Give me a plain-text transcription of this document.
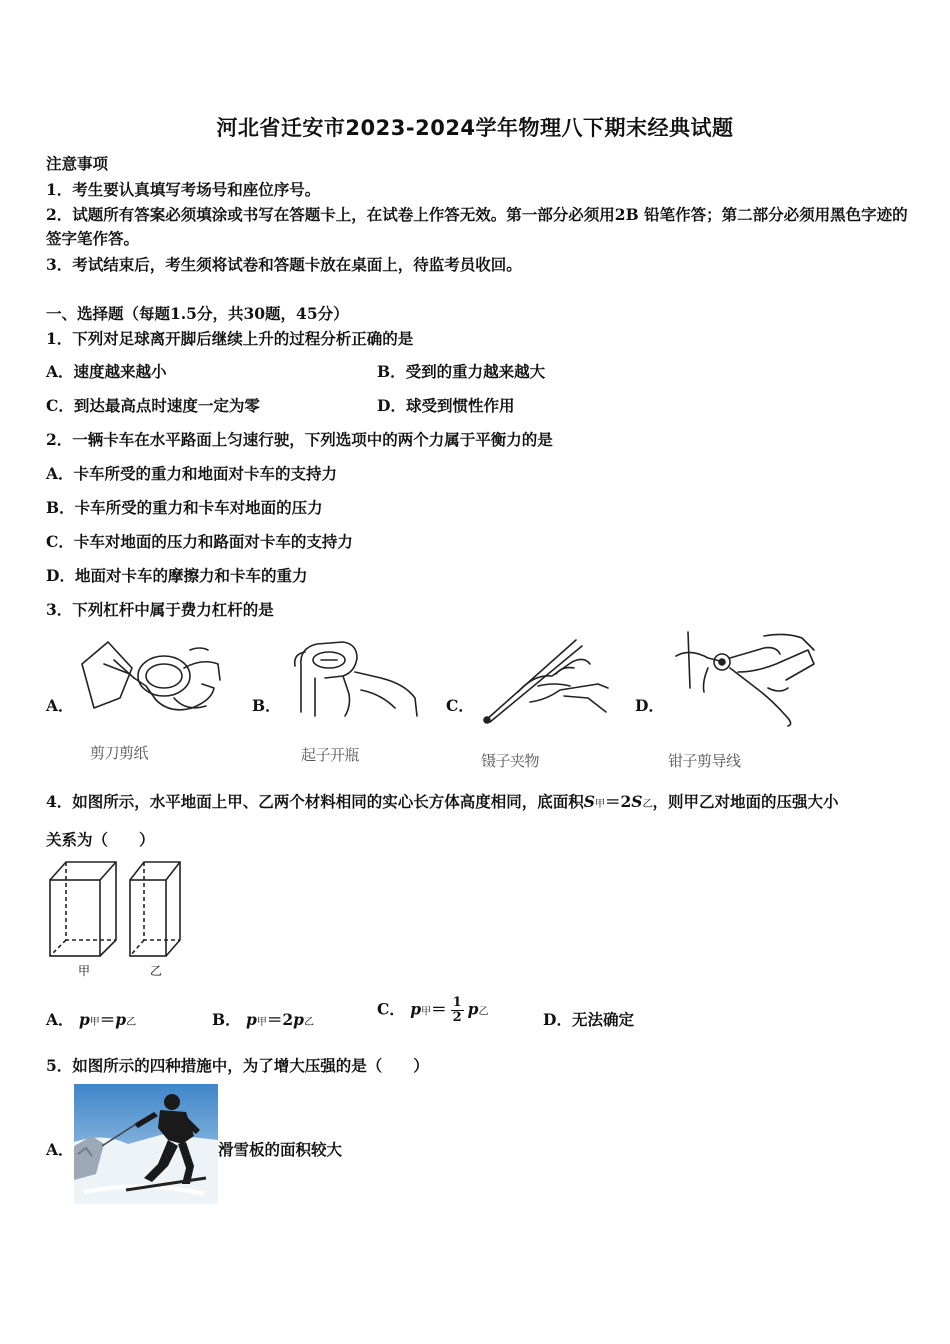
河北省迁安市2023-2024学年物理八下期末经典试题
注意事项
1．考生要认真填写考场号和座位序号。
2．试题所有答案必须填涂或书写在答题卡上，在试卷上作答无效。第一部分必须用2B 铅笔作答；第二部分必须用黑色字迹的签字笔作答。
3．考试结束后，考生须将试卷和答题卡放在桌面上，待监考员收回。
一、选择题（每题1.5分，共30题，45分）
1．下列对足球离开脚后继续上升的过程分析正确的是
A．速度越来越小	B．受到的重力越来越大
C．到达最高点时速度一定为零	D．球受到惯性作用
2．一辆卡车在水平路面上匀速行驶，下列选项中的两个力属于平衡力的是
A．卡车所受的重力和地面对卡车的支持力
B．卡车所受的重力和卡车对地面的压力
C．卡车对地面的压力和路面对卡车的支持力
D．地面对卡车的摩擦力和卡车的重力
3．下列杠杆中属于费力杠杆的是
A．
剪刀剪纸
B．
起子开瓶
C．
镊子夹物
D．
钳子剪导线
4．如图所示，水平地面上甲、乙两个材料相同的实心长方体高度相同，底面积S甲＝2S乙，则甲乙对地面的压强大小
关系为（　　）
甲	乙
A． p甲＝p乙	B． p甲＝2p乙
C． p甲＝ $\frac{1}{2}$ p乙	D．无法确定
5．如图所示的四种措施中，为了增大压强的是（　　）
A．	滑雪板的面积较大
